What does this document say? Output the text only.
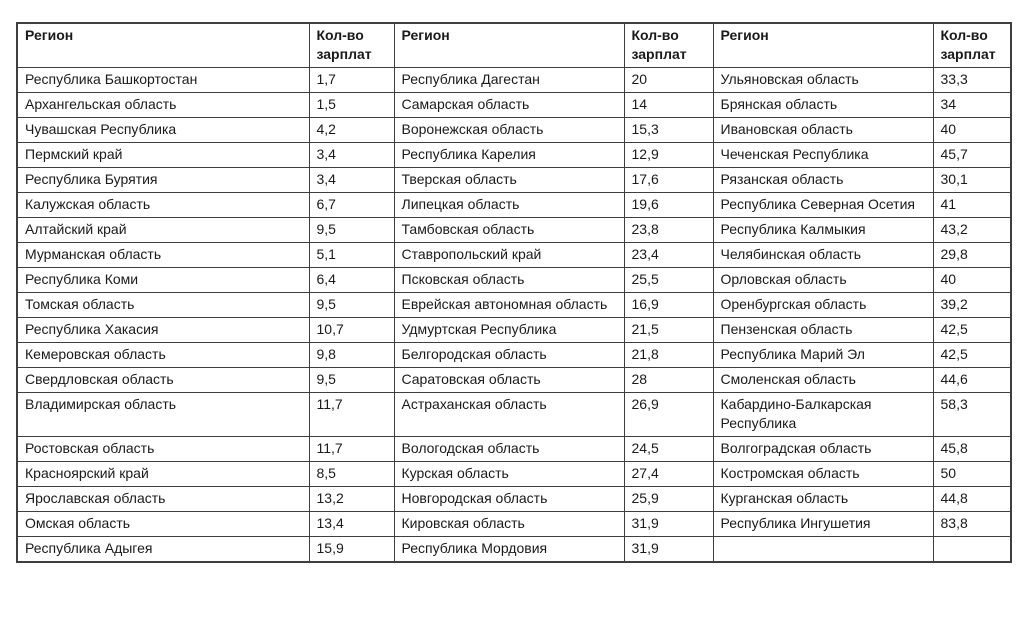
Регион	Кол-во зарплат	Регион	Кол-во зарплат	Регион	Кол-во зарплат
Республика Башкортостан	1,7	Республика Дагестан	20	Ульяновская область	33,3
Архангельская область	1,5	Самарская область	14	Брянская область	34
Чувашская Республика	4,2	Воронежская область	15,3	Ивановская область	40
Пермский край	3,4	Республика Карелия	12,9	Чеченская Республика	45,7
Республика Бурятия	3,4	Тверская область	17,6	Рязанская область	30,1
Калужская область	6,7	Липецкая область	19,6	Республика Северная Осетия	41
Алтайский край	9,5	Тамбовская область	23,8	Республика Калмыкия	43,2
Мурманская область	5,1	Ставропольский край	23,4	Челябинская область	29,8
Республика Коми	6,4	Псковская область	25,5	Орловская область	40
Томская область	9,5	Еврейская автономная область	16,9	Оренбургская область	39,2
Республика Хакасия	10,7	Удмуртская Республика	21,5	Пензенская область	42,5
Кемеровская область	9,8	Белгородская область	21,8	Республика Марий Эл	42,5
Свердловская область	9,5	Саратовская область	28	Смоленская область	44,6
Владимирская область	11,7	Астраханская область	26,9	Кабардино-Балкарская Республика	58,3
Ростовская область	11,7	Вологодская область	24,5	Волгоградская область	45,8
Красноярский край	8,5	Курская область	27,4	Костромская область	50
Ярославская область	13,2	Новгородская область	25,9	Курганская область	44,8
Омская область	13,4	Кировская область	31,9	Республика Ингушетия	83,8
Республика Адыгея	15,9	Республика Мордовия	31,9		
